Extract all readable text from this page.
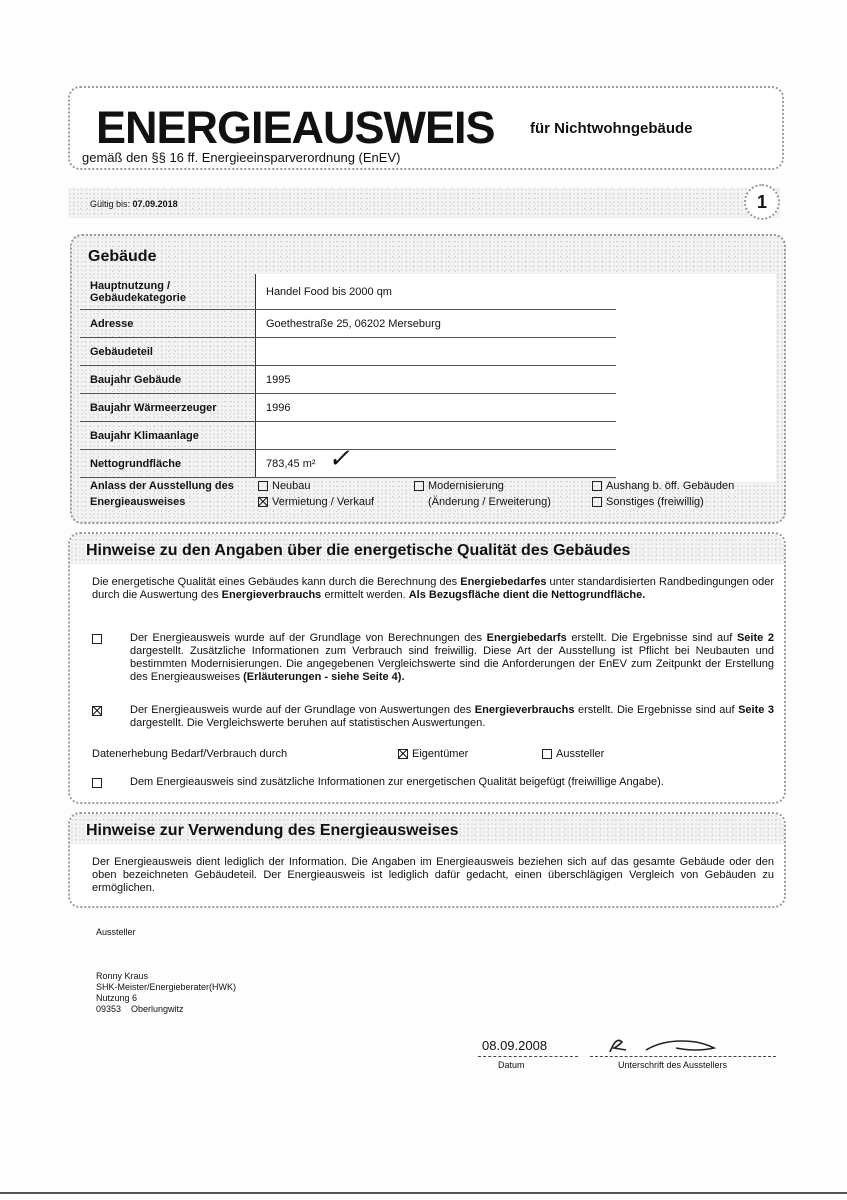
ENERGIEAUSWEIS für Nichtwohngebäude
gemäß den §§ 16 ff. Energieeinsparverordnung (EnEV)
Gültig bis: 07.09.2018	1
Gebäude
Hauptnutzung / Gebäudekategorie	Handel Food bis 2000 qm
Adresse	Goethestraße 25, 06202 Merseburg
Gebäudeteil	
Baujahr Gebäude	1995
Baujahr Wärmeerzeuger	1996
Baujahr Klimaanlage	
Nettogrundfläche	783,45 m² ✓
Anlass der Ausstellung des Energieausweises
Neubau
Vermietung / Verkauf
Modernisierung
(Änderung / Erweiterung)
Aushang b. öff. Gebäuden
Sonstiges (freiwillig)
Hinweise zu den Angaben über die energetische Qualität des Gebäudes
Die energetische Qualität eines Gebäudes kann durch die Berechnung des Energiebedarfes unter standardisierten Randbedingungen oder durch die Auswertung des Energieverbrauchs ermittelt werden. Als Bezugsfläche dient die Nettogrundfläche.
Der Energieausweis wurde auf der Grundlage von Berechnungen des Energiebedarfs erstellt. Die Ergebnisse sind auf Seite 2 dargestellt. Zusätzliche Informationen zum Verbrauch sind freiwillig. Diese Art der Ausstellung ist Pflicht bei Neubauten und bestimmten Modernisierungen. Die angegebenen Vergleichswerte sind die Anforderungen der EnEV zum Zeitpunkt der Erstellung des Energieausweises (Erläuterungen - siehe Seite 4).
Der Energieausweis wurde auf der Grundlage von Auswertungen des Energieverbrauchs erstellt. Die Ergebnisse sind auf Seite 3 dargestellt. Die Vergleichswerte beruhen auf statistischen Auswertungen.
Datenerhebung Bedarf/Verbrauch durch	Eigentümer	Aussteller
Dem Energieausweis sind zusätzliche Informationen zur energetischen Qualität beigefügt (freiwillige Angabe).
Hinweise zur Verwendung des Energieausweises
Der Energieausweis dient lediglich der Information. Die Angaben im Energieausweis beziehen sich auf das gesamte Gebäude oder den oben bezeichneten Gebäudeteil. Der Energieausweis ist lediglich dafür gedacht, einen überschlägigen Vergleich von Gebäuden zu ermöglichen.
Aussteller
Ronny Kraus
SHK-Meister/Energieberater(HWK)
Nutzung 6
09353    Oberlungwitz
08.09.2008
Datum	Unterschrift des Ausstellers
